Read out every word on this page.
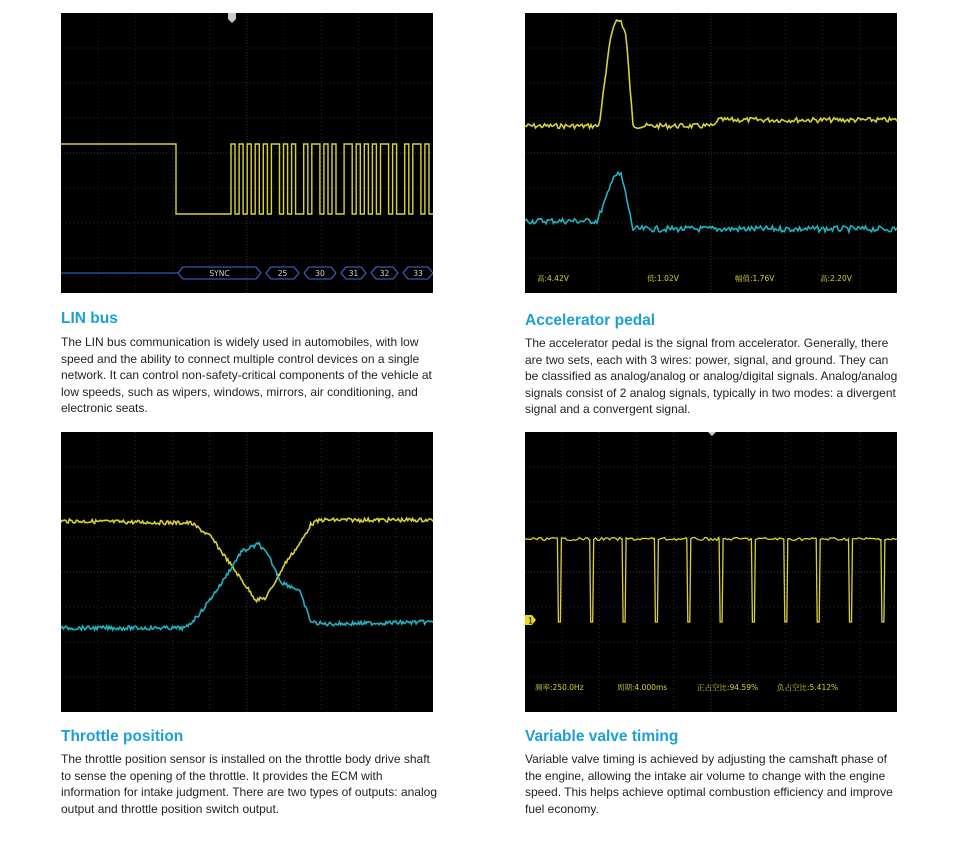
SYNC	25	30	31	32	33
LIN bus

The LIN bus communication is widely used in automobiles, with low speed and the ability to connect multiple control devices on a single network. It can control non-safety-critical components of the vehicle at low speeds, such as wipers, windows, mirrors, air conditioning, and electronic seats.

高:4.42V	低:1.02V	幅值:1.76V	高:2.20V
Accelerator pedal

The accelerator pedal is the signal from accelerator. Generally, there are two sets, each with 3 wires: power, signal, and ground. They can be classified as analog/analog or analog/digital signals. Analog/analog signals consist of 2 analog signals, typically in two modes: a divergent signal and a convergent signal.

Throttle position

The throttle position sensor is installed on the throttle body drive shaft to sense the opening of the throttle. It provides the ECM with information for intake judgment. There are two types of outputs: analog output and throttle position switch output.

1
频率:250.0Hz	周期:4.000ms	正占空比:94.59%	负占空比:5.412%
Variable valve timing

Variable valve timing is achieved by adjusting the camshaft phase of the engine, allowing the intake air volume to change with the engine speed. This helps achieve optimal combustion efficiency and improve fuel economy.
